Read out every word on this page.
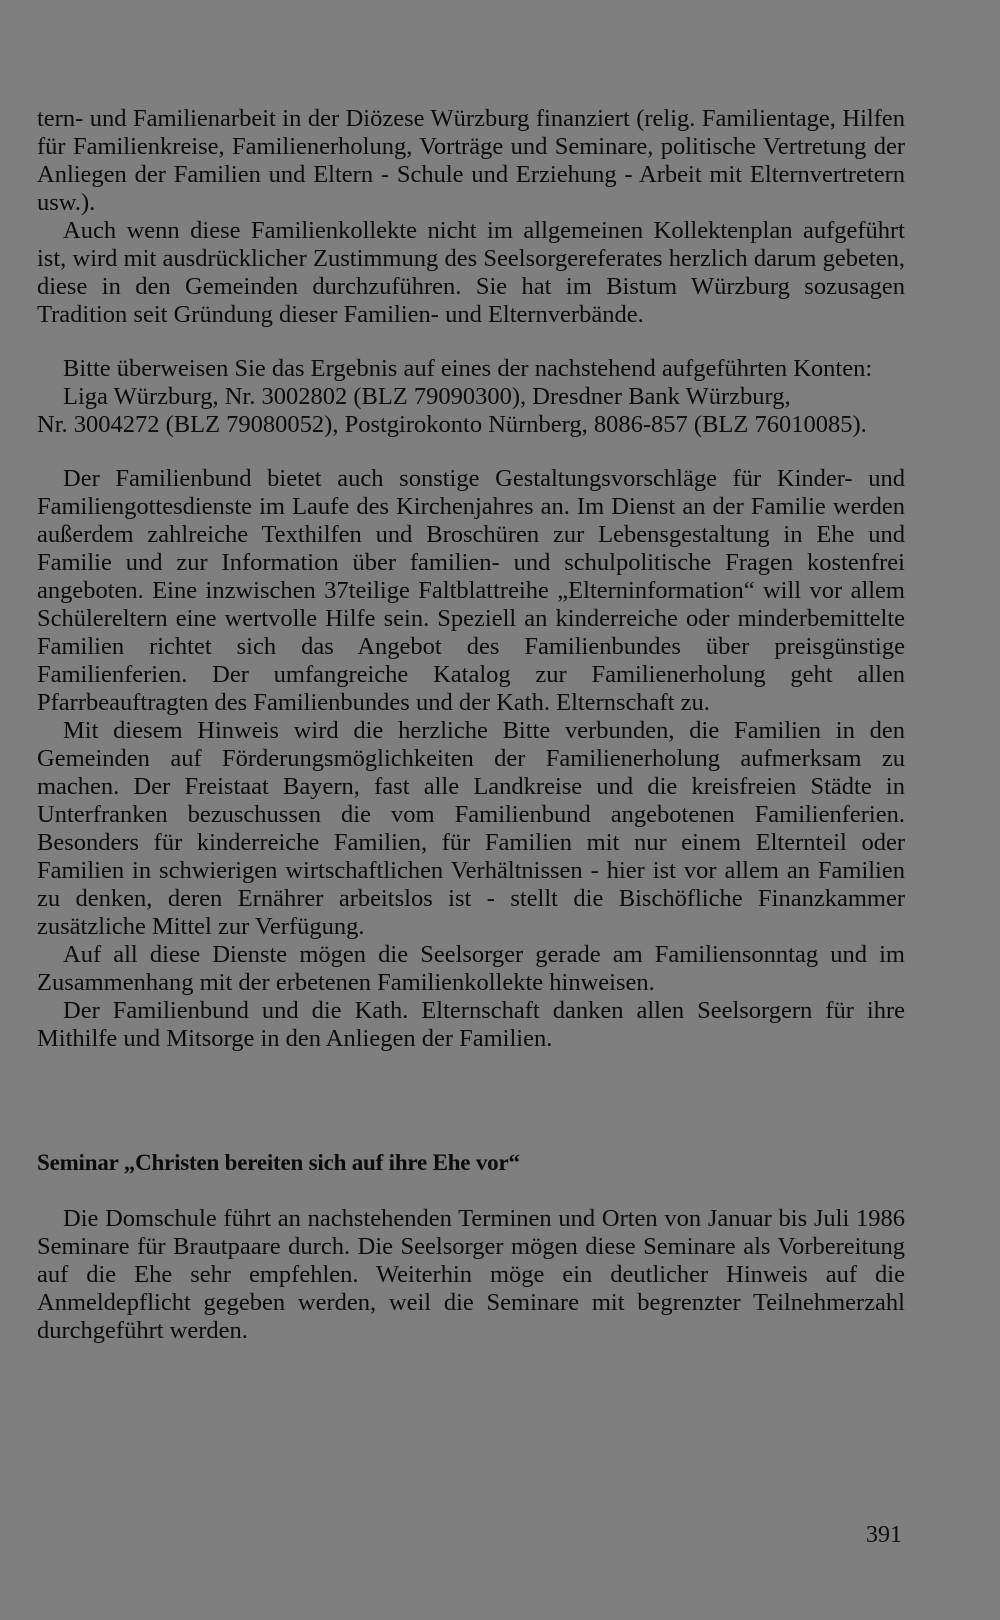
tern- und Familienarbeit in der Diözese Würzburg finanziert (relig. Familientage, Hilfen für Familienkreise, Familienerholung, Vorträge und Seminare, politische Vertretung der Anliegen der Familien und Eltern - Schule und Erziehung - Arbeit mit Elternvertretern usw.).

Auch wenn diese Familienkollekte nicht im allgemeinen Kollektenplan aufgeführt ist, wird mit ausdrücklicher Zustimmung des Seelsorgereferates herzlich darum gebeten, diese in den Gemeinden durchzuführen. Sie hat im Bistum Würzburg sozusagen Tradition seit Gründung dieser Familien- und Elternverbände.

Bitte überweisen Sie das Ergebnis auf eines der nachstehend aufgeführten Konten:

Liga Würzburg, Nr. 3002802 (BLZ 79090300), Dresdner Bank Würzburg,
Nr. 3004272 (BLZ 79080052), Postgirokonto Nürnberg, 8086-857 (BLZ 76010085).

Der Familienbund bietet auch sonstige Gestaltungsvorschläge für Kinder- und Familiengottesdienste im Laufe des Kirchenjahres an. Im Dienst an der Familie werden außerdem zahlreiche Texthilfen und Broschüren zur Lebensgestaltung in Ehe und Familie und zur Information über familien- und schulpolitische Fragen kostenfrei angeboten. Eine inzwischen 37teilige Faltblattreihe „Elterninformation“ will vor allem Schülereltern eine wertvolle Hilfe sein. Speziell an kinderreiche oder minderbemittelte Familien richtet sich das Angebot des Familienbundes über preisgünstige Familienferien. Der umfangreiche Katalog zur Familienerholung geht allen Pfarrbeauftragten des Familienbundes und der Kath. Elternschaft zu.

Mit diesem Hinweis wird die herzliche Bitte verbunden, die Familien in den Gemeinden auf Förderungsmöglichkeiten der Familienerholung aufmerksam zu machen. Der Freistaat Bayern, fast alle Landkreise und die kreisfreien Städte in Unterfranken bezuschussen die vom Familienbund angebotenen Familienferien. Besonders für kinderreiche Familien, für Familien mit nur einem Elternteil oder Familien in schwierigen wirtschaftlichen Verhältnissen - hier ist vor allem an Familien zu denken, deren Ernährer arbeitslos ist - stellt die Bischöfliche Finanzkammer zusätzliche Mittel zur Verfügung.

Auf all diese Dienste mögen die Seelsorger gerade am Familiensonntag und im Zusammenhang mit der erbetenen Familienkollekte hinweisen.

Der Familienbund und die Kath. Elternschaft danken allen Seelsorgern für ihre Mithilfe und Mitsorge in den Anliegen der Familien.

Seminar „Christen bereiten sich auf ihre Ehe vor“

Die Domschule führt an nachstehenden Terminen und Orten von Januar bis Juli 1986 Seminare für Brautpaare durch. Die Seelsorger mögen diese Seminare als Vorbereitung auf die Ehe sehr empfehlen. Weiterhin möge ein deutlicher Hinweis auf die Anmeldepflicht gegeben werden, weil die Seminare mit begrenzter Teilnehmerzahl durchgeführt werden.

391
